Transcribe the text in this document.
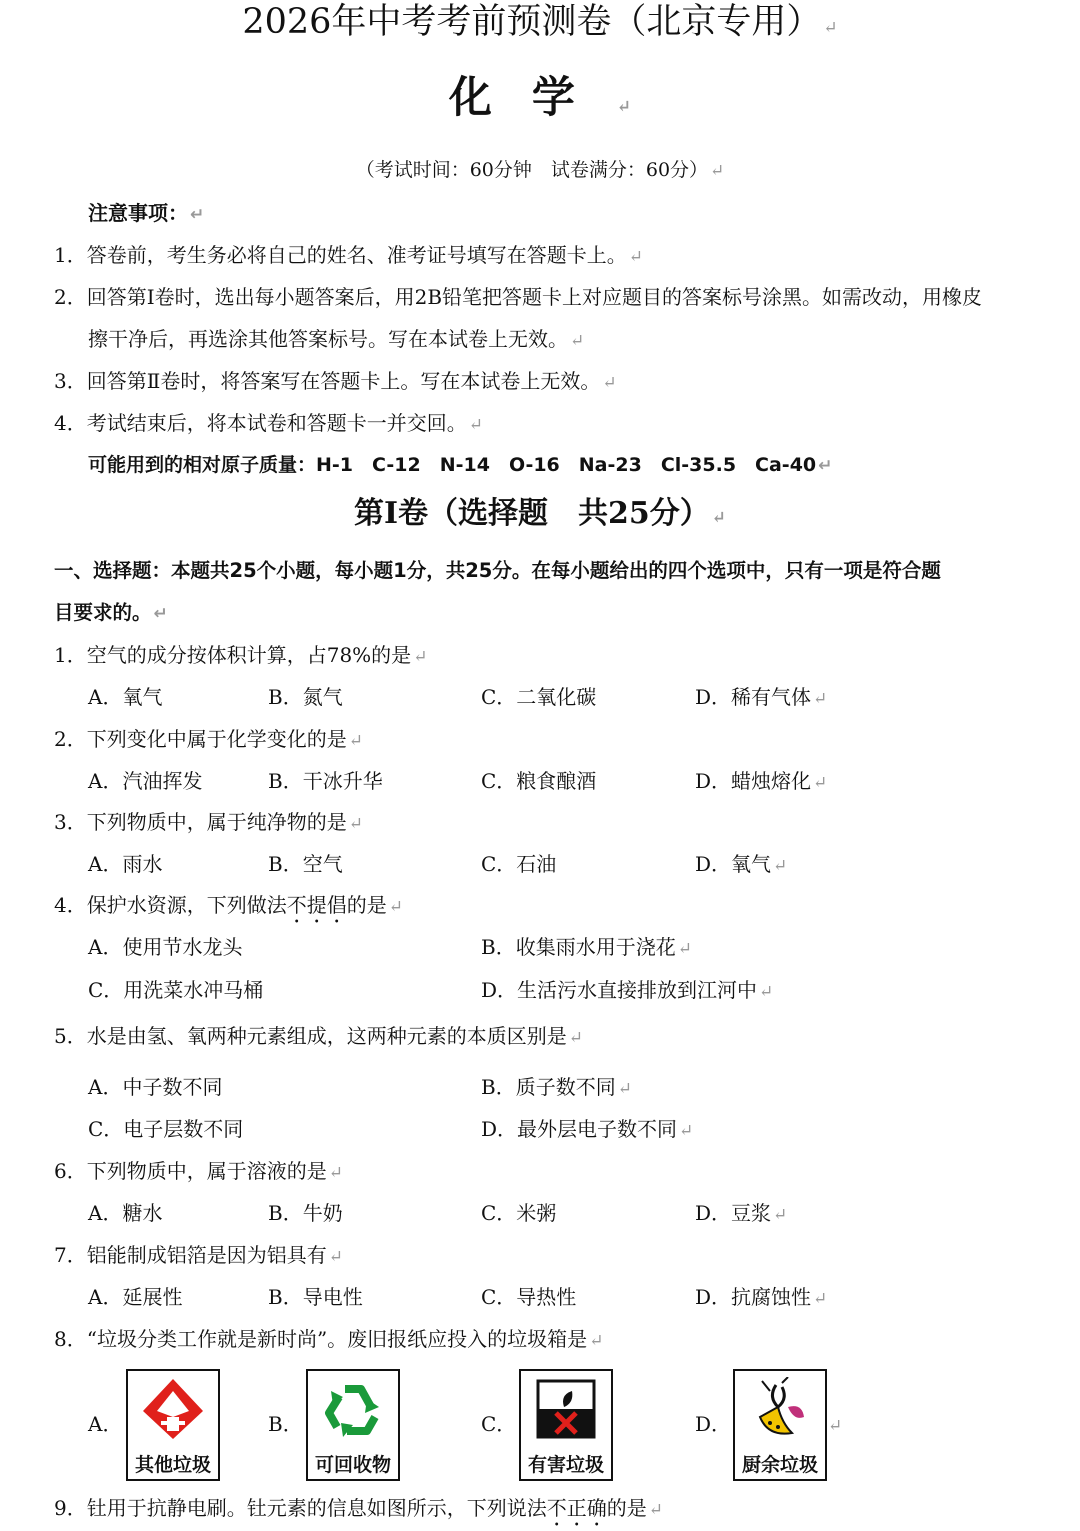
2026年中考考前预测卷（北京专用） ↵
化学 ↵
（考试时间：60分钟　试卷满分：60分） ↵
注意事项： ↵
1．答卷前，考生务必将自己的姓名、准考证号填写在答题卡上。 ↵
2．回答第Ⅰ卷时，选出每小题答案后，用2B铅笔把答题卡上对应题目的答案标号涂黑。如需改动，用橡皮
擦干净后，再选涂其他答案标号。写在本试卷上无效。 ↵
3．回答第Ⅱ卷时，将答案写在答题卡上。写在本试卷上无效。 ↵
4．考试结束后，将本试卷和答题卡一并交回。 ↵
可能用到的相对原子质量：H-1　C-12　N-14　O-16　Na-23　Cl-35.5　Ca-40 ↵
第Ⅰ卷（选择题　共25分） ↵
一、选择题：本题共25个小题，每小题1分，共25分。在每小题给出的四个选项中，只有一项是符合题
目要求的。 ↵
1．空气的成分按体积计算，占78%的是 ↵
A．氧气	B．氮气	C．二氧化碳	D．稀有气体 ↵
2．下列变化中属于化学变化的是 ↵
A．汽油挥发	B．干冰升华	C．粮食酿酒	D．蜡烛熔化 ↵
3．下列物质中，属于纯净物的是 ↵
A．雨水	B．空气	C．石油	D．氧气 ↵
4．保护水资源，下列做法不提倡的是 ↵
A．使用节水龙头	B．收集雨水用于浇花 ↵
C．用洗菜水冲马桶	D．生活污水直接排放到江河中 ↵
5．水是由氢、氧两种元素组成，这两种元素的本质区别是 ↵
A．中子数不同	B．质子数不同 ↵
C．电子层数不同	D．最外层电子数不同 ↵
6．下列物质中，属于溶液的是 ↵
A．糖水	B．牛奶	C．米粥	D．豆浆 ↵
7．铝能制成铝箔是因为铝具有 ↵
A．延展性	B．导电性	C．导热性	D．抗腐蚀性 ↵
8．“垃圾分类工作就是新时尚”。废旧报纸应投入的垃圾箱是 ↵
A．
其他垃圾
B．
可回收物
C．
有害垃圾
D．
厨余垃圾
↵
9．钍用于抗静电刷。钍元素的信息如图所示，下列说法不正确的是 ↵
